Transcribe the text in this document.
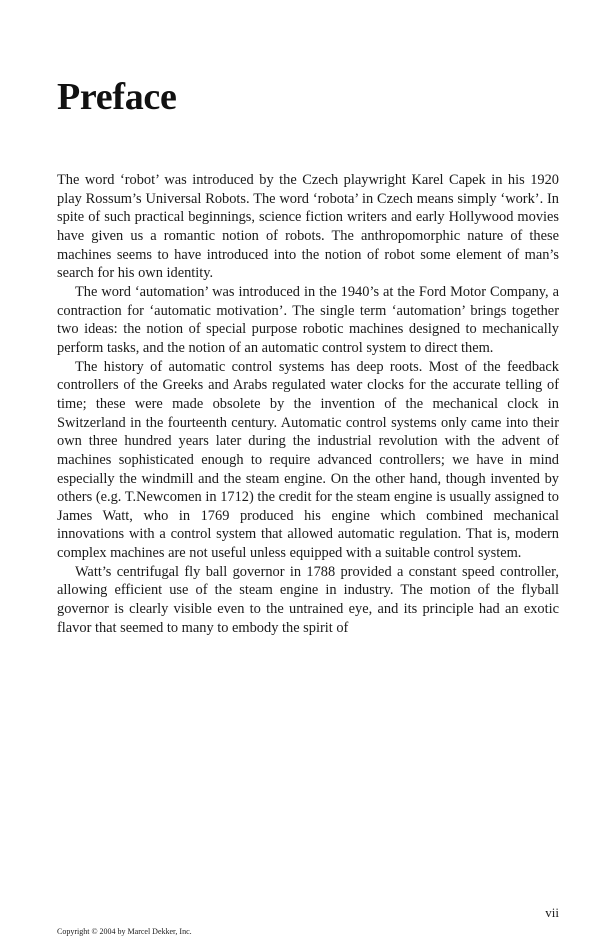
Preface

The word ‘robot’ was introduced by the Czech playwright Karel Capek in his 1920 play Rossum’s Universal Robots. The word ‘robota’ in Czech means simply ‘work’. In spite of such practical beginnings, science fiction writers and early Hollywood movies have given us a romantic notion of robots. The anthropomorphic nature of these machines seems to have introduced into the notion of robot some element of man’s search for his own identity.

The word ‘automation’ was introduced in the 1940’s at the Ford Motor Company, a contraction for ‘automatic motivation’. The single term ‘automation’ brings together two ideas: the notion of special purpose robotic machines designed to mechanically perform tasks, and the notion of an automatic control system to direct them.

The history of automatic control systems has deep roots. Most of the feedback controllers of the Greeks and Arabs regulated water clocks for the accurate telling of time; these were made obsolete by the invention of the mechanical clock in Switzerland in the fourteenth century. Automatic control systems only came into their own three hundred years later during the industrial revolution with the advent of machines sophisticated enough to require advanced controllers; we have in mind especially the windmill and the steam engine. On the other hand, though invented by others (e.g. T.Newcomen in 1712) the credit for the steam engine is usually assigned to James Watt, who in 1769 produced his engine which combined mechanical innovations with a control system that allowed automatic regulation. That is, modern complex machines are not useful unless equipped with a suitable control system.

Watt’s centrifugal fly ball governor in 1788 provided a constant speed controller, allowing efficient use of the steam engine in industry. The motion of the flyball governor is clearly visible even to the untrained eye, and its principle had an exotic flavor that seemed to many to embody the spirit of

vii
Copyright © 2004 by Marcel Dekker, Inc.
